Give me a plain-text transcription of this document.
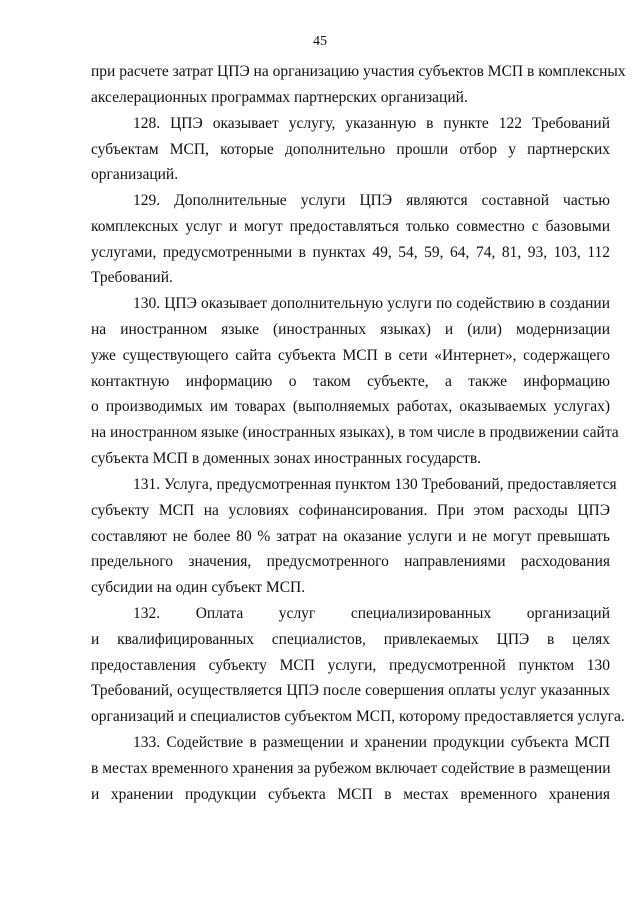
45
при расчете затрат ЦПЭ на организацию участия субъектов МСП в комплексных
акселерационных программах партнерских организаций.
128. ЦПЭ оказывает услугу, указанную в пункте 122 Требований
субъектам МСП, которые дополнительно прошли отбор у партнерских
организаций.
129. Дополнительные услуги ЦПЭ являются составной частью
комплексных услуг и могут предоставляться только совместно с базовыми
услугами, предусмотренными в пунктах 49, 54, 59, 64, 74, 81, 93, 103, 112
Требований.
130. ЦПЭ оказывает дополнительную услуги по содействию в создании
на иностранном языке (иностранных языках) и (или) модернизации
уже существующего сайта субъекта МСП в сети «Интернет», содержащего
контактную информацию о таком субъекте, а также информацию
о производимых им товарах (выполняемых работах, оказываемых услугах)
на иностранном языке (иностранных языках), в том числе в продвижении сайта
субъекта МСП в доменных зонах иностранных государств.
131. Услуга, предусмотренная пунктом 130 Требований, предоставляется
субъекту МСП на условиях софинансирования. При этом расходы ЦПЭ
составляют не более 80 % затрат на оказание услуги и не могут превышать
предельного значения, предусмотренного направлениями расходования
субсидии на один субъект МСП.
132. Оплата услуг специализированных организаций
и квалифицированных специалистов, привлекаемых ЦПЭ в целях
предоставления субъекту МСП услуги, предусмотренной пунктом 130
Требований, осуществляется ЦПЭ после совершения оплаты услуг указанных
организаций и специалистов субъектом МСП, которому предоставляется услуга.
133. Содействие в размещении и хранении продукции субъекта МСП
в местах временного хранения за рубежом включает содействие в размещении
и хранении продукции субъекта МСП в местах временного хранения
